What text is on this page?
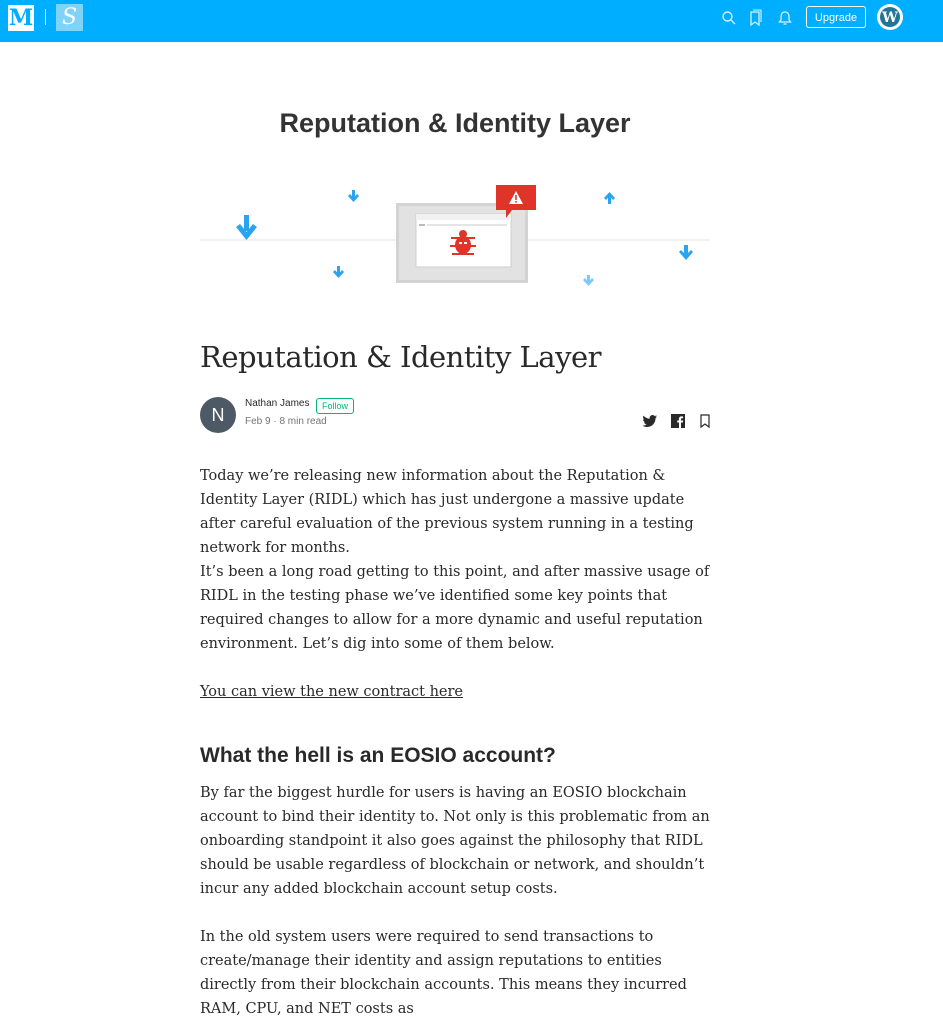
M S	Upgrade	W
Reputation & Identity Layer
Reputation & Identity Layer
N
Nathan James	Follow
Feb 9 · 8 min read

Today we’re releasing new information about the Reputation & Identity Layer (RIDL) which has just undergone a massive update after careful evaluation of the previous system running in a testing network for months.

It’s been a long road getting to this point, and after massive usage of RIDL in the testing phase we’ve identified some key points that required changes to allow for a more dynamic and useful reputation environment. Let’s dig into some of them below.

You can view the new contract here
What the hell is an EOSIO account?

By far the biggest hurdle for users is having an EOSIO blockchain account to bind their identity to. Not only is this problematic from an onboarding standpoint it also goes against the philosophy that RIDL should be usable regardless of blockchain or network, and shouldn’t incur any added blockchain account setup costs.

In the old system users were required to send transactions to create/manage their identity and assign reputations to entities directly from their blockchain accounts. This means they incurred RAM, CPU, and NET costs as
